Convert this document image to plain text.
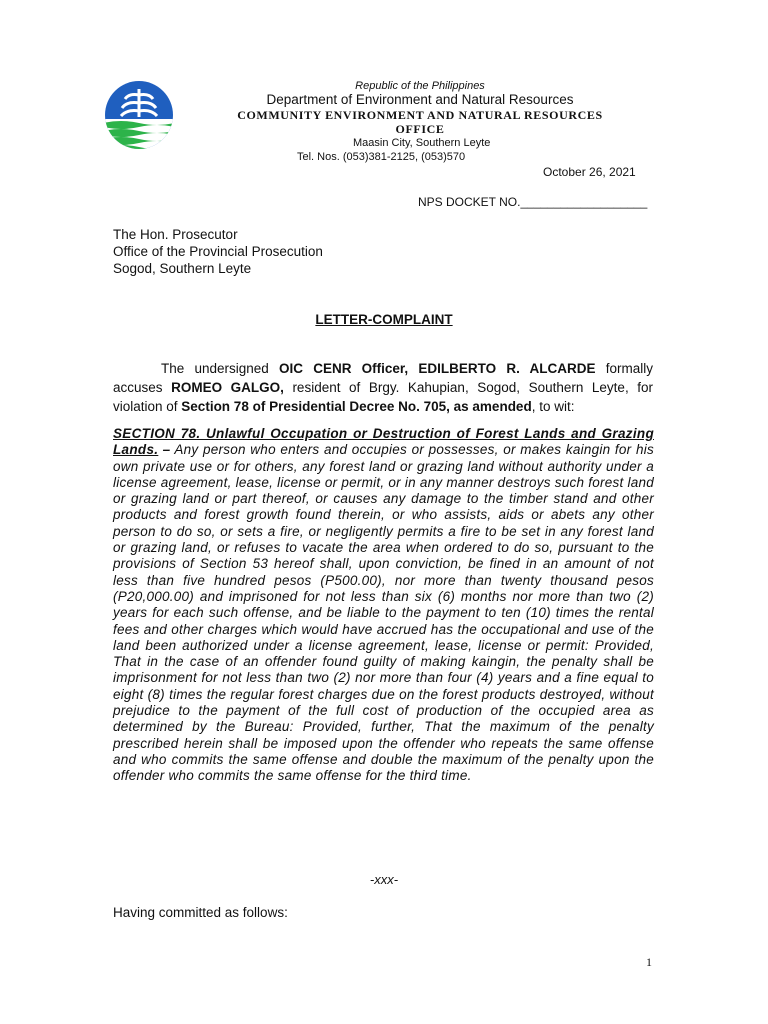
Republic of the Philippines
Department of Environment and Natural Resources
COMMUNITY ENVIRONMENT AND NATURAL RESOURCES
OFFICE
Maasin City, Southern Leyte
Tel. Nos. (053)381-2125, (053)570
October 26, 2021
NPS DOCKET NO.___________________
The Hon. Prosecutor
Office of the Provincial Prosecution
Sogod, Southern Leyte
LETTER-COMPLAINT
The undersigned OIC CENR Officer, EDILBERTO R. ALCARDE formally accuses ROMEO GALGO, resident of Brgy. Kahupian, Sogod, Southern Leyte, for violation of Section 78 of Presidential Decree No. 705, as amended, to wit:
SECTION 78. Unlawful Occupation or Destruction of Forest Lands and Grazing Lands. – Any person who enters and occupies or possesses, or makes kaingin for his own private use or for others, any forest land or grazing land without authority under a license agreement, lease, license or permit, or in any manner destroys such forest land or grazing land or part thereof, or causes any damage to the timber stand and other products and forest growth found therein, or who assists, aids or abets any other person to do so, or sets a fire, or negligently permits a fire to be set in any forest land or grazing land, or refuses to vacate the area when ordered to do so, pursuant to the provisions of Section 53 hereof shall, upon conviction, be fined in an amount of not less than five hundred pesos (P500.00), nor more than twenty thousand pesos (P20,000.00) and imprisoned for not less than six (6) months nor more than two (2) years for each such offense, and be liable to the payment to ten (10) times the rental fees and other charges which would have accrued has the occupational and use of the land been authorized under a license agreement, lease, license or permit: Provided, That in the case of an offender found guilty of making kaingin, the penalty shall be imprisonment for not less than two (2) nor more than four (4) years and a fine equal to eight (8) times the regular forest charges due on the forest products destroyed, without prejudice to the payment of the full cost of production of the occupied area as determined by the Bureau: Provided, further, That the maximum of the penalty prescribed herein shall be imposed upon the offender who repeats the same offense and who commits the same offense and double the maximum of the penalty upon the offender who commits the same offense for the third time.
-xxx-
Having committed as follows:
1
